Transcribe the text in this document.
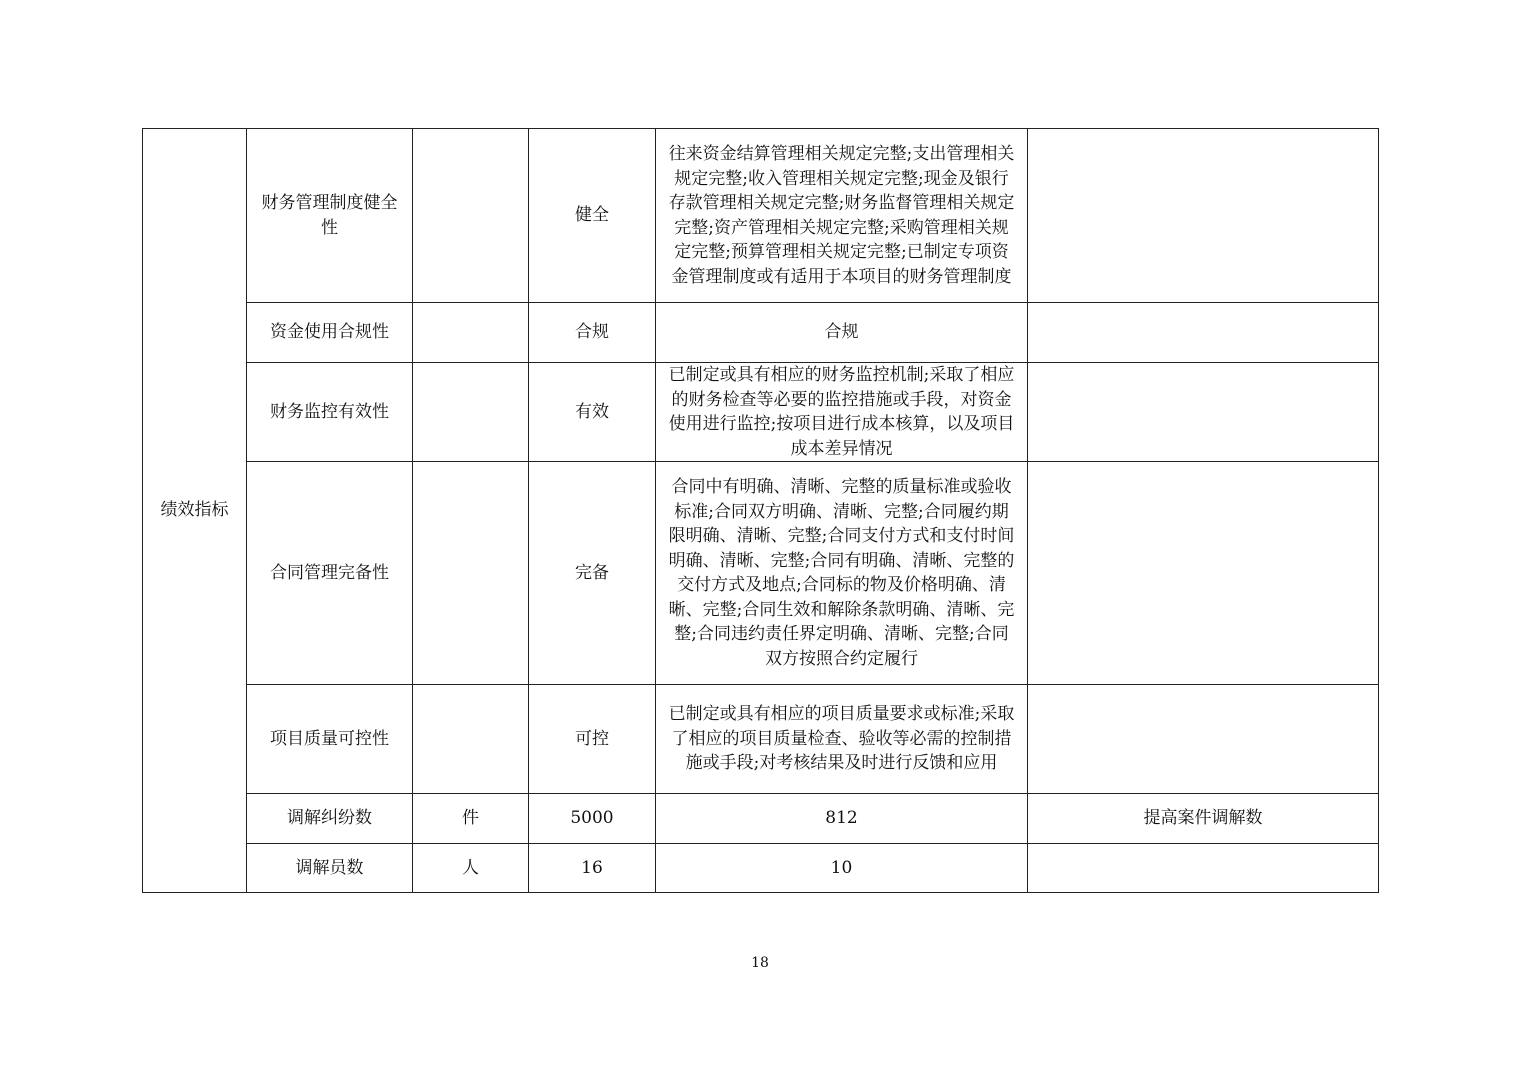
绩效指标	财务管理制度健全性		健全	往来资金结算管理相关规定完整;支出管理相关规定完整;收入管理相关规定完整;现金及银行存款管理相关规定完整;财务监督管理相关规定完整;资产管理相关规定完整;采购管理相关规定完整;预算管理相关规定完整;已制定专项资金管理制度或有适用于本项目的财务管理制度	
	资金使用合规性		合规	合规	
	财务监控有效性		有效	已制定或具有相应的财务监控机制;采取了相应的财务检查等必要的监控措施或手段，对资金使用进行监控;按项目进行成本核算，以及项目成本差异情况	
	合同管理完备性		完备	合同中有明确、清晰、完整的质量标准或验收标准;合同双方明确、清晰、完整;合同履约期限明确、清晰、完整;合同支付方式和支付时间明确、清晰、完整;合同有明确、清晰、完整的交付方式及地点;合同标的物及价格明确、清晰、完整;合同生效和解除条款明确、清晰、完整;合同违约责任界定明确、清晰、完整;合同双方按照合约定履行	
	项目质量可控性		可控	已制定或具有相应的项目质量要求或标准;采取了相应的项目质量检查、验收等必需的控制措施或手段;对考核结果及时进行反馈和应用	
	调解纠纷数	件	5000	812	提高案件调解数
	调解员数	人	16	10	
18
